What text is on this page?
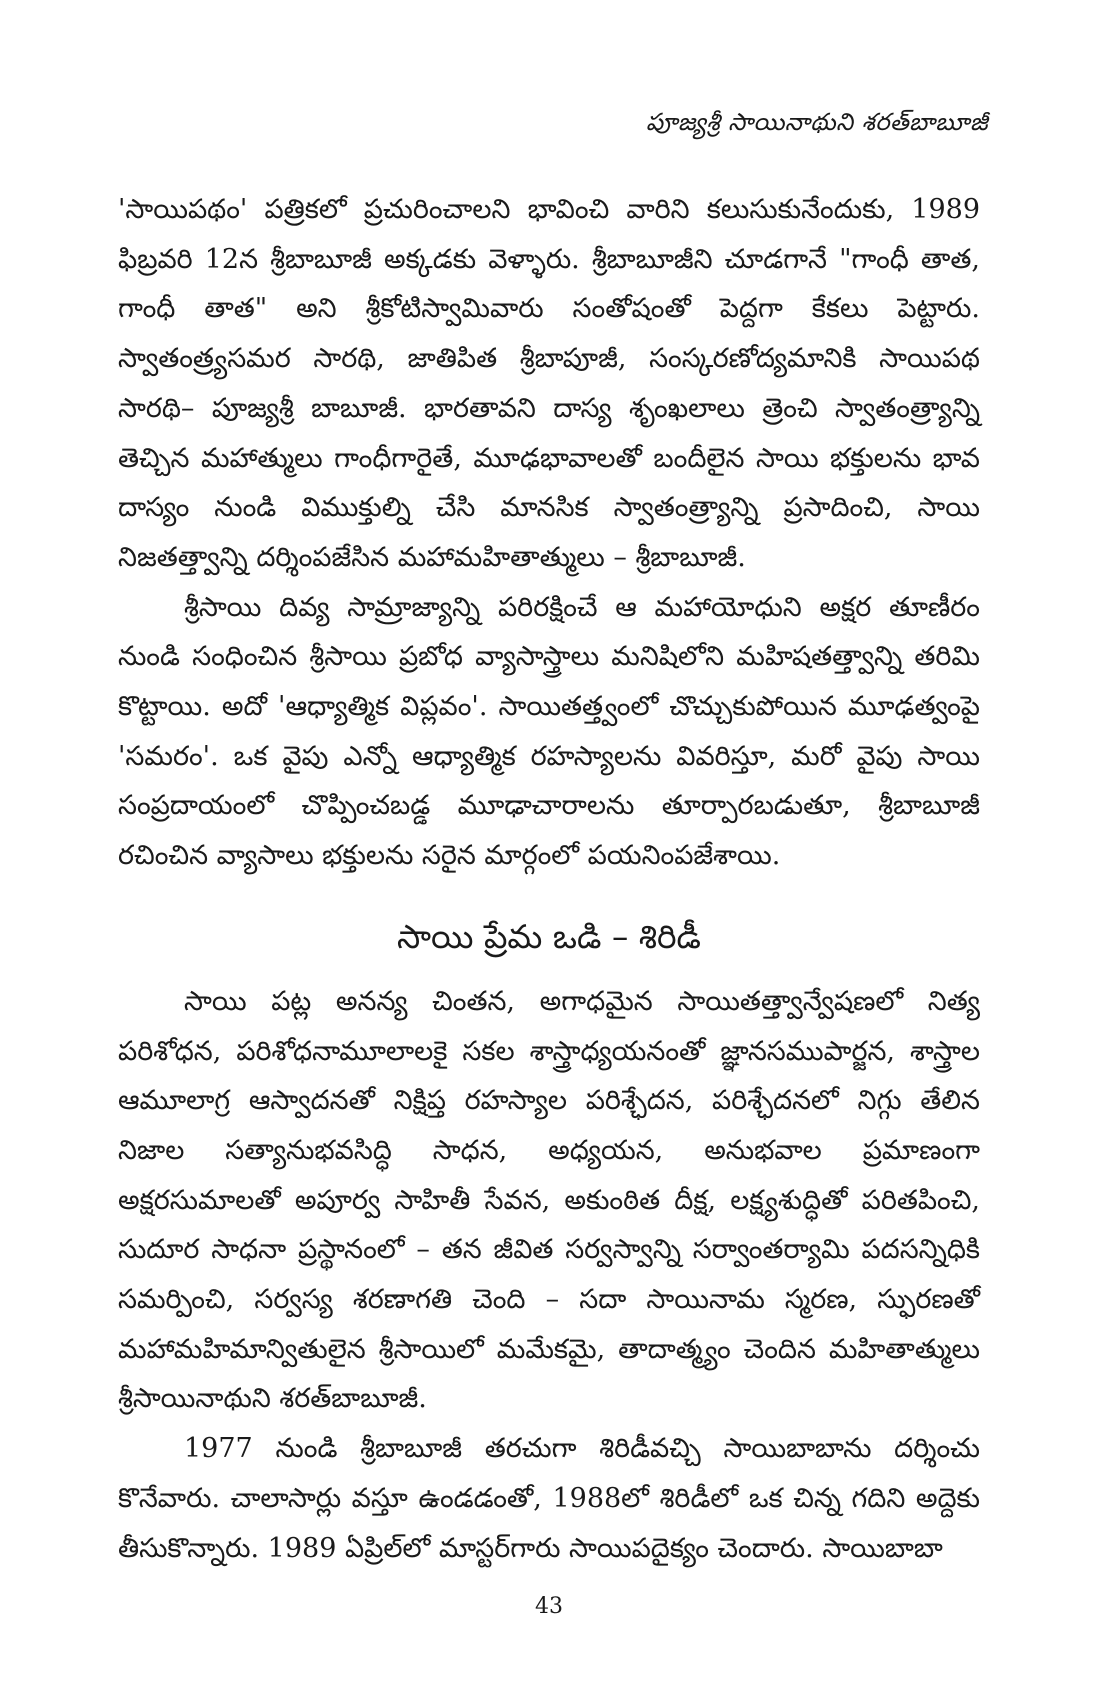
పూజ్యశ్రీ సాయినాథుని శరత్‌బాబూజీ

'సాయిపథం' పత్రికలో ప్రచురించాలని భావించి వారిని కలుసుకునేందుకు, 1989 ఫిబ్రవరి 12న శ్రీబాబూజీ అక్కడకు వెళ్ళారు. శ్రీబాబూజీని చూడగానే "గాంధీ తాత, గాంధీ తాత" అని శ్రీకోటిస్వామివారు సంతోషంతో పెద్దగా కేకలు పెట్టారు. స్వాతంత్ర్యసమర సారథి, జాతిపిత శ్రీబాపూజీ, సంస్కరణోద్యమానికి సాయిపథ సారథి– పూజ్యశ్రీ బాబూజీ. భారతావని దాస్య శృంఖలాలు త్రెంచి స్వాతంత్ర్యాన్ని తెచ్చిన మహాత్ములు గాంధీగారైతే, మూఢభావాలతో బందీలైన సాయి భక్తులను భావ దాస్యం నుండి విముక్తుల్ని చేసి మానసిక స్వాతంత్ర్యాన్ని ప్రసాదించి, సాయి నిజతత్త్వాన్ని దర్శింపజేసిన మహామహితాత్ములు – శ్రీబాబూజీ.

శ్రీసాయి దివ్య సామ్రాజ్యాన్ని పరిరక్షించే ఆ మహాయోధుని అక్షర తూణీరం నుండి సంధించిన శ్రీసాయి ప్రబోధ వ్యాసాస్త్రాలు మనిషిలోని మహిషతత్త్వాన్ని తరిమి కొట్టాయి. అదో 'ఆధ్యాత్మిక విప్లవం'. సాయితత్త్వంలో చొచ్చుకుపోయిన మూఢత్వంపై 'సమరం'. ఒక వైపు ఎన్నో ఆధ్యాత్మిక రహస్యాలను వివరిస్తూ, మరో వైపు సాయి సంప్రదాయంలో చొప్పించబడ్డ మూఢాచారాలను తూర్పారబడుతూ, శ్రీబాబూజీ రచించిన వ్యాసాలు భక్తులను సరైన మార్గంలో పయనింపజేశాయి.

సాయి ప్రేమ ఒడి – శిరిడీ

సాయి పట్ల అనన్య చింతన, అగాధమైన సాయితత్త్వాన్వేషణలో నిత్య పరిశోధన, పరిశోధనామూలాలకై సకల శాస్త్రాధ్యయనంతో జ్ఞానసముపార్జన, శాస్త్రాల ఆమూలాగ్ర ఆస్వాదనతో నిక్షిప్త రహస్యాల పరిశ్ఛేదన, పరిశ్ఛేదనలో నిగ్గు తేలిన నిజాల సత్యానుభవసిద్ధి సాధన, అధ్యయన, అనుభవాల ప్రమాణంగా అక్షరసుమాలతో అపూర్వ సాహితీ సేవన, అకుంఠిత దీక్ష, లక్ష్యశుద్ధితో పరితపించి, సుదూర సాధనా ప్రస్థానంలో – తన జీవిత సర్వస్వాన్ని సర్వాంతర్యామి పదసన్నిధికి సమర్పించి, సర్వస్య శరణాగతి చెంది – సదా సాయినామ స్మరణ, స్ఫురణతో మహామహిమాన్వితులైన శ్రీసాయిలో మమేకమై, తాదాత్మ్యం చెందిన మహితాత్ములు శ్రీసాయినాథుని శరత్‌బాబూజీ.

1977 నుండి శ్రీబాబూజీ తరచుగా శిరిడీవచ్చి సాయిబాబాను దర్శించు కొనేవారు. చాలాసార్లు వస్తూ ఉండడంతో, 1988లో శిరిడీలో ఒక చిన్న గదిని అద్దెకు తీసుకొన్నారు. 1989 ఏప్రిల్‌లో మాస్టర్‌గారు సాయిపదైక్యం చెందారు. సాయిబాబా

43
